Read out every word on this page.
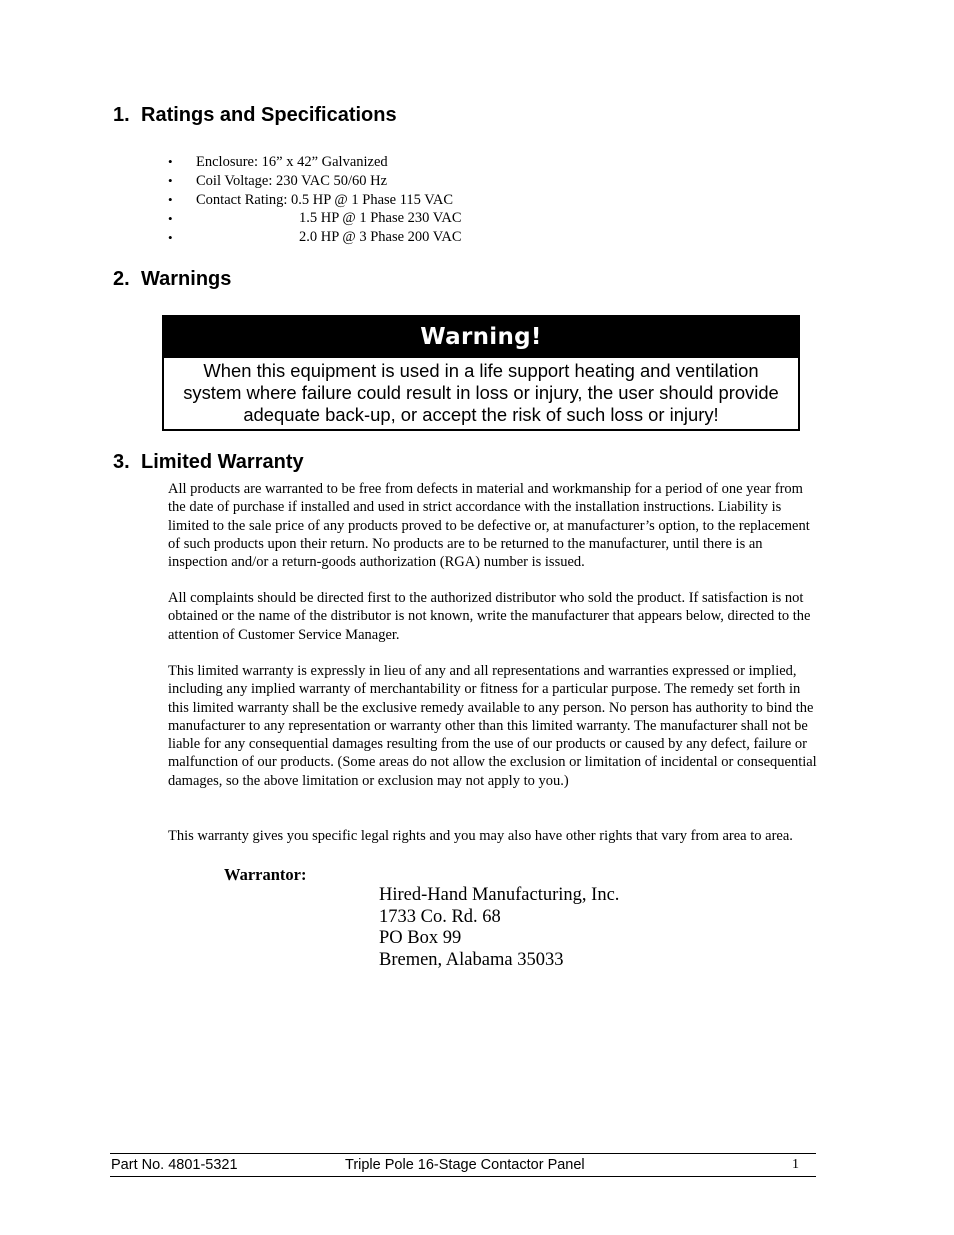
1. Ratings and Specifications
• Enclosure: 16” x 42” Galvanized
• Coil Voltage: 230 VAC 50/60 Hz
• Contact Rating: 0.5 HP @ 1 Phase 115 VAC
•	1.5 HP @ 1 Phase 230 VAC
•	2.0 HP @ 3 Phase 200 VAC
2. Warnings
Warning!
When this equipment is used in a life support heating and ventilation system where failure could result in loss or injury, the user should provide adequate back-up, or accept the risk of such loss or injury!
3. Limited Warranty

All products are warranted to be free from defects in material and workmanship for a period of one year from the date of purchase if installed and used in strict accordance with the installation instructions. Liability is limited to the sale price of any products proved to be defective or, at manufacturer’s option, to the replacement of such products upon their return. No products are to be returned to the manufacturer, until there is an inspection and/or a return-goods authorization (RGA) number is issued.

All complaints should be directed first to the authorized distributor who sold the product. If satisfaction is not obtained or the name of the distributor is not known, write the manufacturer that appears below, directed to the attention of Customer Service Manager.

This limited warranty is expressly in lieu of any and all representations and warranties expressed or implied, including any implied warranty of merchantability or fitness for a particular purpose. The remedy set forth in this limited warranty shall be the exclusive remedy available to any person. No person has authority to bind the manufacturer to any representation or warranty other than this limited warranty. The manufacturer shall not be liable for any consequential damages resulting from the use of our products or caused by any defect, failure or malfunction of our products. (Some areas do not allow the exclusion or limitation of incidental or consequential damages, so the above limitation or exclusion may not apply to you.)

This warranty gives you specific legal rights and you may also have other rights that vary from area to area.

Warrantor:

Hired-Hand Manufacturing, Inc.
1733 Co. Rd. 68
PO Box 99
Bremen, Alabama 35033
Part No. 4801-5321	Triple Pole 16-Stage Contactor Panel	1
